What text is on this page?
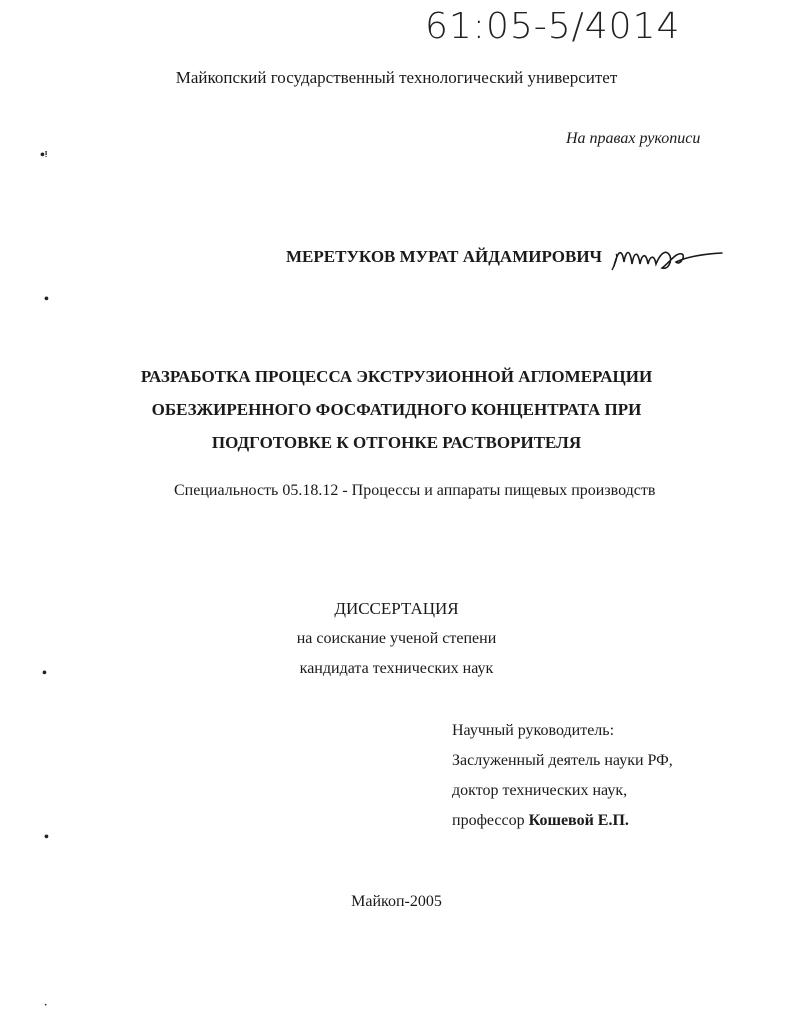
61:05-5/4014
Майкопский государственный технологический университет
На правах рукописи
МЕРЕТУКОВ МУРАТ АЙДАМИРОВИЧ
РАЗРАБОТКА ПРОЦЕССА ЭКСТРУЗИОННОЙ АГЛОМЕРАЦИИ
ОБЕЗЖИРЕННОГО ФОСФАТИДНОГО КОНЦЕНТРАТА ПРИ
ПОДГОТОВКЕ К ОТГОНКЕ РАСТВОРИТЕЛЯ
Специальность 05.18.12 - Процессы и аппараты пищевых производств
ДИССЕРТАЦИЯ
на соискание ученой степени
кандидата технических наук
Научный руководитель:
Заслуженный деятель науки РФ,
доктор технических наук,
профессор Кошевой Е.П.
Майкоп-2005
•ᵎ
•
•
•
·
